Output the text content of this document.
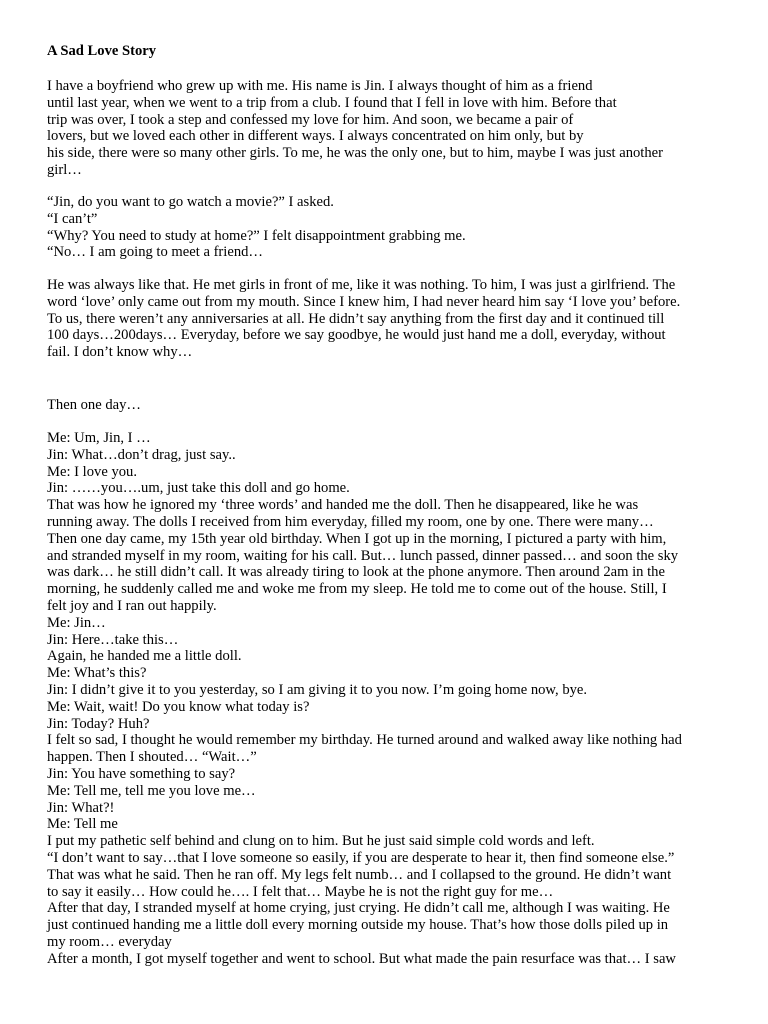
A Sad Love Story
I have a boyfriend who grew up with me. His name is Jin. I always thought of him as a friend
until last year, when we went to a trip from a club. I found that I fell in love with him. Before that
trip was over, I took a step and confessed my love for him. And soon, we became a pair of
lovers, but we loved each other in different ways. I always concentrated on him only, but by
his side, there were so many other girls. To me, he was the only one, but to him, maybe I was just another
girl…
“Jin, do you want to go watch a movie?” I asked.
“I can’t”
“Why? You need to study at home?” I felt disappointment grabbing me.
“No… I am going to meet a friend…
He was always like that. He met girls in front of me, like it was nothing. To him, I was just a girlfriend. The
word ‘love’ only came out from my mouth. Since I knew him, I had never heard him say ‘I love you’ before.
To us, there weren’t any anniversaries at all. He didn’t say anything from the first day and it continued till
100 days…200days… Everyday, before we say goodbye, he would just hand me a doll, everyday, without
fail. I don’t know why…
Then one day…
Me: Um, Jin, I …
Jin: What…don’t drag, just say..
Me: I love you.
Jin: ……you….um, just take this doll and go home.
That was how he ignored my ‘three words’ and handed me the doll. Then he disappeared, like he was
running away. The dolls I received from him everyday, filled my room, one by one. There were many…
Then one day came, my 15th year old birthday. When I got up in the morning, I pictured a party with him,
and stranded myself in my room, waiting for his call. But… lunch passed, dinner passed… and soon the sky
was dark… he still didn’t call. It was already tiring to look at the phone anymore. Then around 2am in the
morning, he suddenly called me and woke me from my sleep. He told me to come out of the house. Still, I
felt joy and I ran out happily.
Me: Jin…
Jin: Here…take this…
Again, he handed me a little doll.
Me: What’s this?
Jin: I didn’t give it to you yesterday, so I am giving it to you now. I’m going home now, bye.
Me: Wait, wait! Do you know what today is?
Jin: Today? Huh?
I felt so sad, I thought he would remember my birthday. He turned around and walked away like nothing had
happen. Then I shouted… “Wait…”
Jin: You have something to say?
Me: Tell me, tell me you love me…
Jin: What?!
Me: Tell me
I put my pathetic self behind and clung on to him. But he just said simple cold words and left.
“I don’t want to say…that I love someone so easily, if you are desperate to hear it, then find someone else.”
That was what he said. Then he ran off. My legs felt numb… and I collapsed to the ground. He didn’t want
to say it easily… How could he…. I felt that… Maybe he is not the right guy for me…
After that day, I stranded myself at home crying, just crying. He didn’t call me, although I was waiting. He
just continued handing me a little doll every morning outside my house. That’s how those dolls piled up in
my room… everyday
After a month, I got myself together and went to school. But what made the pain resurface was that… I saw
